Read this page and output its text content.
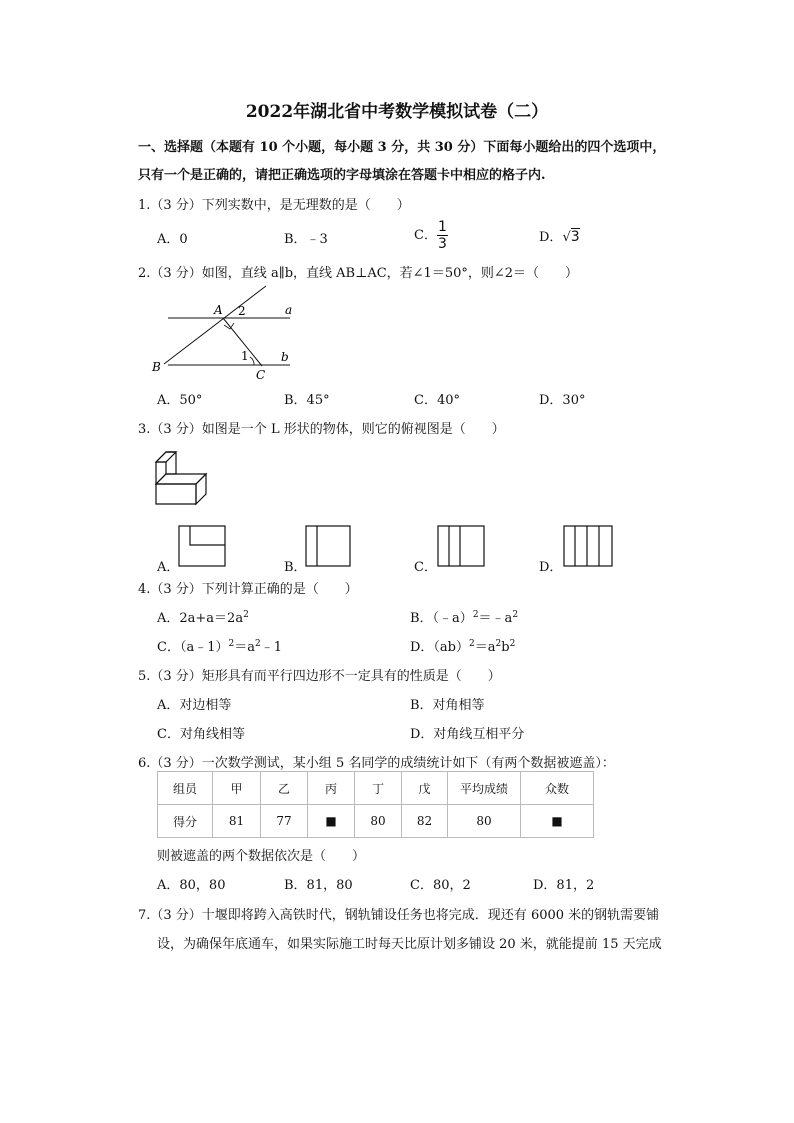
2022年湖北省中考数学模拟试卷（二）
一、选择题（本题有 10 个小题，每小题 3 分，共 30 分）下面每小题给出的四个选项中，
只有一个是正确的，请把正确选项的字母填涂在答题卡中相应的格子内.
1.（3 分）下列实数中，是无理数的是（　　）
A．0	B．﹣3	C． $\frac{1}{3}$	D．√3
2.（3 分）如图，直线 a∥b，直线 AB⊥AC，若∠1＝50°，则∠2＝（　　）
A 2	a
B
1	b
C
A．50°	B．45°	C．40°	D．30°
3.（3 分）如图是一个 L 形状的物体，则它的俯视图是（　　）
A．	B．	C．	D．
4.（3 分）下列计算正确的是（　　）
A．$2a+a=2a^2$	B．$(﹣a)^2=﹣a^2$
C．$(a﹣1)^2=a^2﹣1$	D．$(ab)^2=a^2b^2$
5.（3 分）矩形具有而平行四边形不一定具有的性质是（　　）
A．对边相等	B．对角相等
C．对角线相等	D．对角线互相平分
6.（3 分）一次数学测试，某小组 5 名同学的成绩统计如下（有两个数据被遮盖）：
组员	甲	乙	丙	丁	戊	平均成绩	众数
得分	81	77	■	80	82	80	■
则被遮盖的两个数据依次是（　　）
A．80，80	B．81，80	C．80，2	D．81，2
7.（3 分）十堰即将跨入高铁时代，钢轨铺设任务也将完成．现还有 6000 米的钢轨需要铺
设，为确保年底通车，如果实际施工时每天比原计划多铺设 20 米，就能提前 15 天完成
